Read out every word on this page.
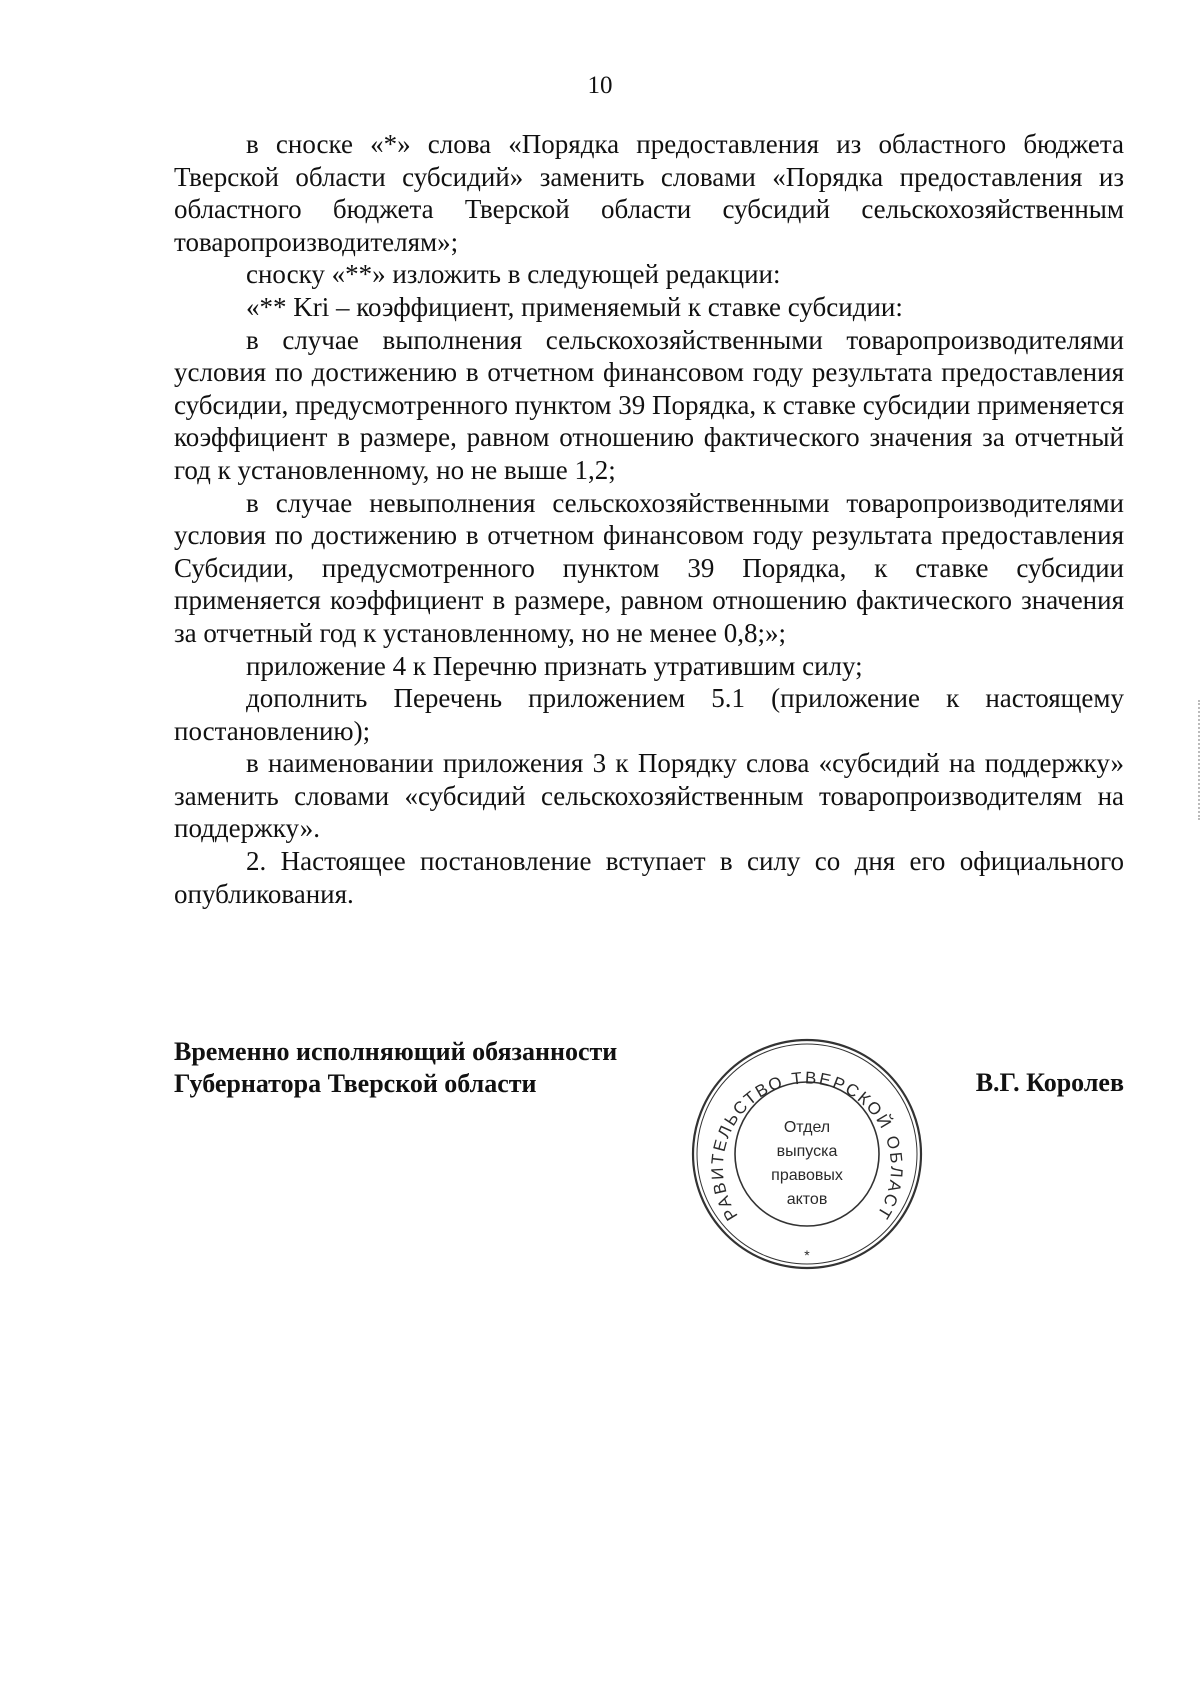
10

в сноске «*» слова «Порядка предоставления из областного бюджета Тверской области субсидий» заменить словами «Порядка предоставления из областного бюджета Тверской области субсидий сельскохозяйственным товаропроизводителям»;

сноску «**» изложить в следующей редакции:

«** Kri – коэффициент, применяемый к ставке субсидии:

в случае выполнения сельскохозяйственными товаропроизводителями условия по достижению в отчетном финансовом году результата предоставления субсидии, предусмотренного пунктом 39 Порядка, к ставке субсидии применяется коэффициент в размере, равном отношению фактического значения за отчетный год к установленному, но не выше 1,2;

в случае невыполнения сельскохозяйственными товаропроизводителями условия по достижению в отчетном финансовом году результата предоставления Субсидии, предусмотренного пунктом 39 Порядка, к ставке субсидии применяется коэффициент в размере, равном отношению фактического значения за отчетный год к установленному, но не менее 0,8;»;

приложение 4 к Перечню признать утратившим силу;

дополнить Перечень приложением 5.1 (приложение к настоящему постановлению);

в наименовании приложения 3 к Порядку слова «субсидий на поддержку» заменить словами «субсидий сельскохозяйственным товаропроизводителям на поддержку».

2. Настоящее постановление вступает в силу со дня его официального опубликования.

Временно исполняющий обязанности
Губернатора Тверской области
РАВИТЕЛЬСТВО ТВЕРСКОЙ ОБЛАСТ
Отдел
выпуска
правовых
актов
*
В.Г. Королев
